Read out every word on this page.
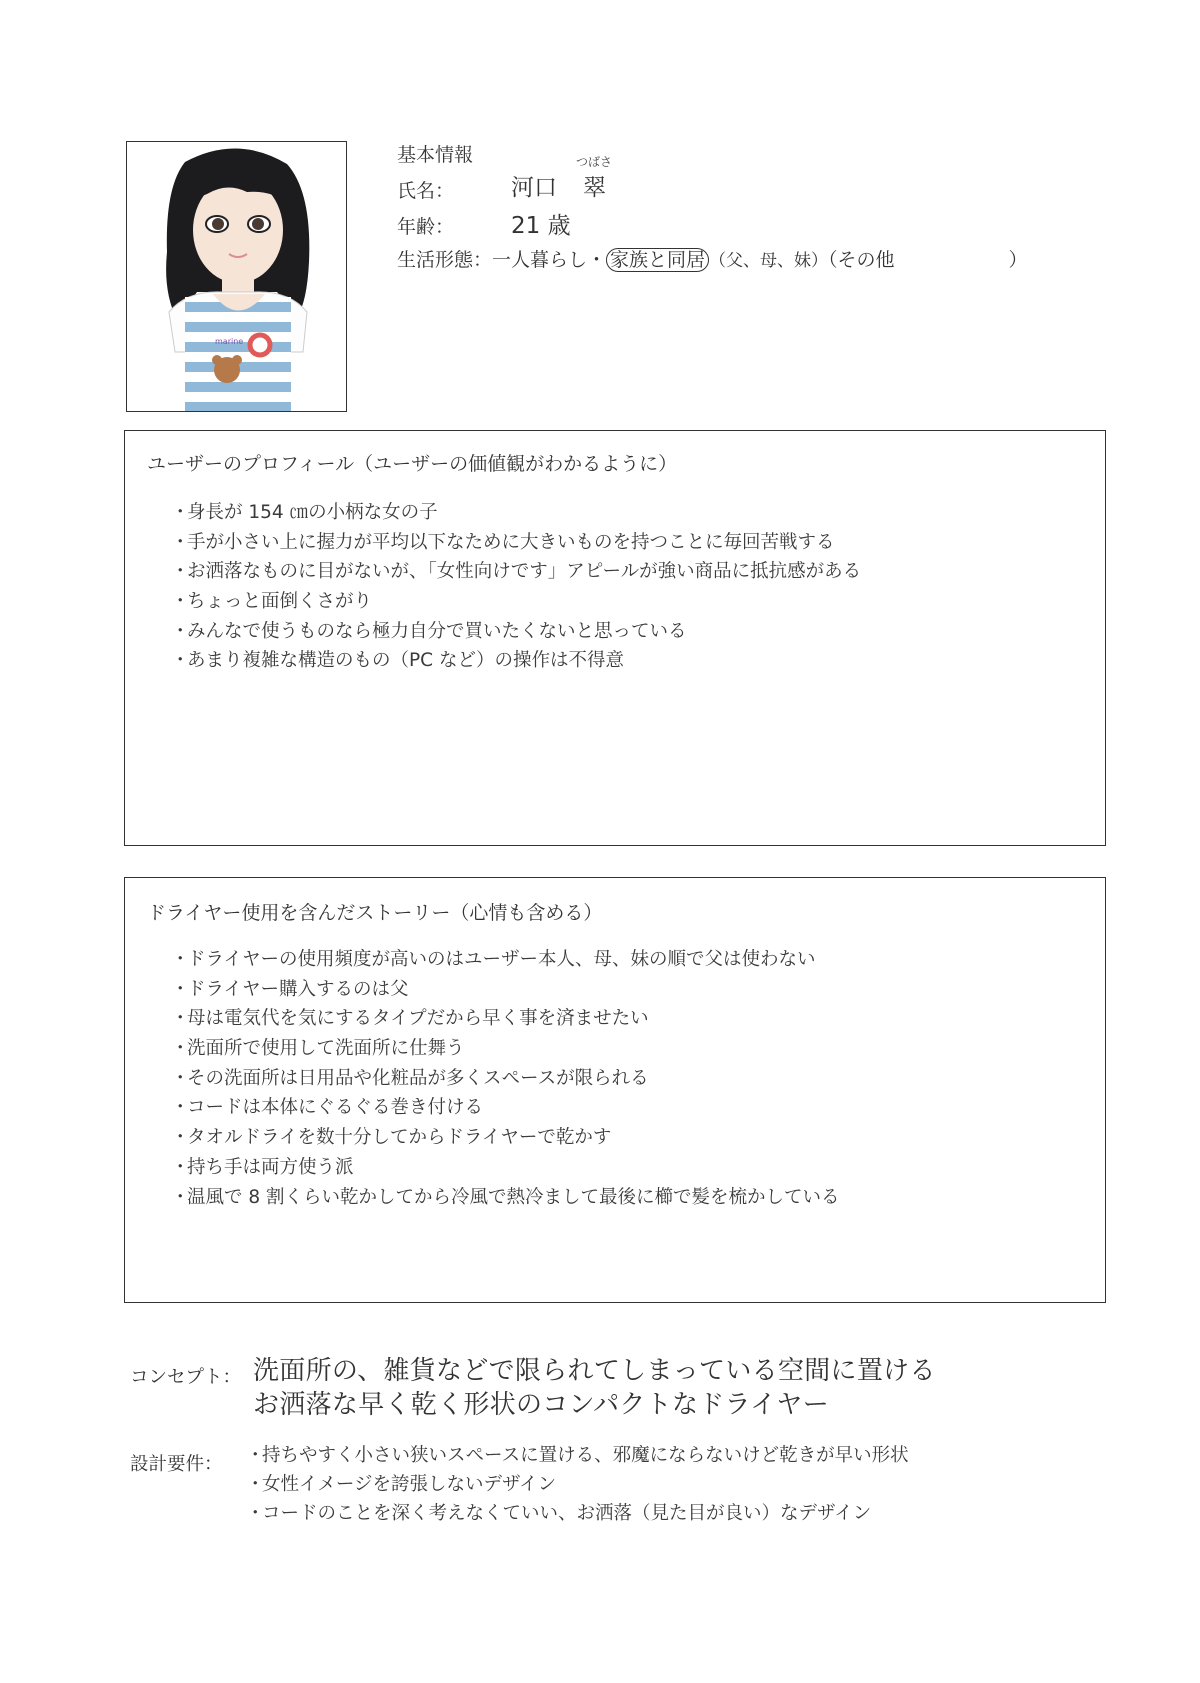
marine
基本情報
氏名： 河口
つばさ
翠
年齢： 21 歳
生活形態：一人暮らし・ 家族と同居 （父、母、妹）（その他　　　　　　）
ユーザーのプロフィール（ユーザーの価値観がわかるように）
・身長が 154 ㎝の小柄な女の子
・手が小さい上に握力が平均以下なために大きいものを持つことに毎回苦戦する
・お洒落なものに目がないが、「女性向けです」アピールが強い商品に抵抗感がある
・ちょっと面倒くさがり
・みんなで使うものなら極力自分で買いたくないと思っている
・あまり複雑な構造のもの（PC など）の操作は不得意
ドライヤー使用を含んだストーリー（心情も含める）
・ドライヤーの使用頻度が高いのはユーザー本人、母、妹の順で父は使わない
・ドライヤー購入するのは父
・母は電気代を気にするタイプだから早く事を済ませたい
・洗面所で使用して洗面所に仕舞う
・その洗面所は日用品や化粧品が多くスペースが限られる
・コードは本体にぐるぐる巻き付ける
・タオルドライを数十分してからドライヤーで乾かす
・持ち手は両方使う派
・温風で 8 割くらい乾かしてから冷風で熱冷まして最後に櫛で髪を梳かしている
コンセプト： 洗面所の、雑貨などで限られてしまっている空間に置ける
お洒落な早く乾く形状のコンパクトなドライヤー
設計要件： ・持ちやすく小さい狭いスペースに置ける、邪魔にならないけど乾きが早い形状
・女性イメージを誇張しないデザイン
・コードのことを深く考えなくていい、お洒落（見た目が良い）なデザイン
